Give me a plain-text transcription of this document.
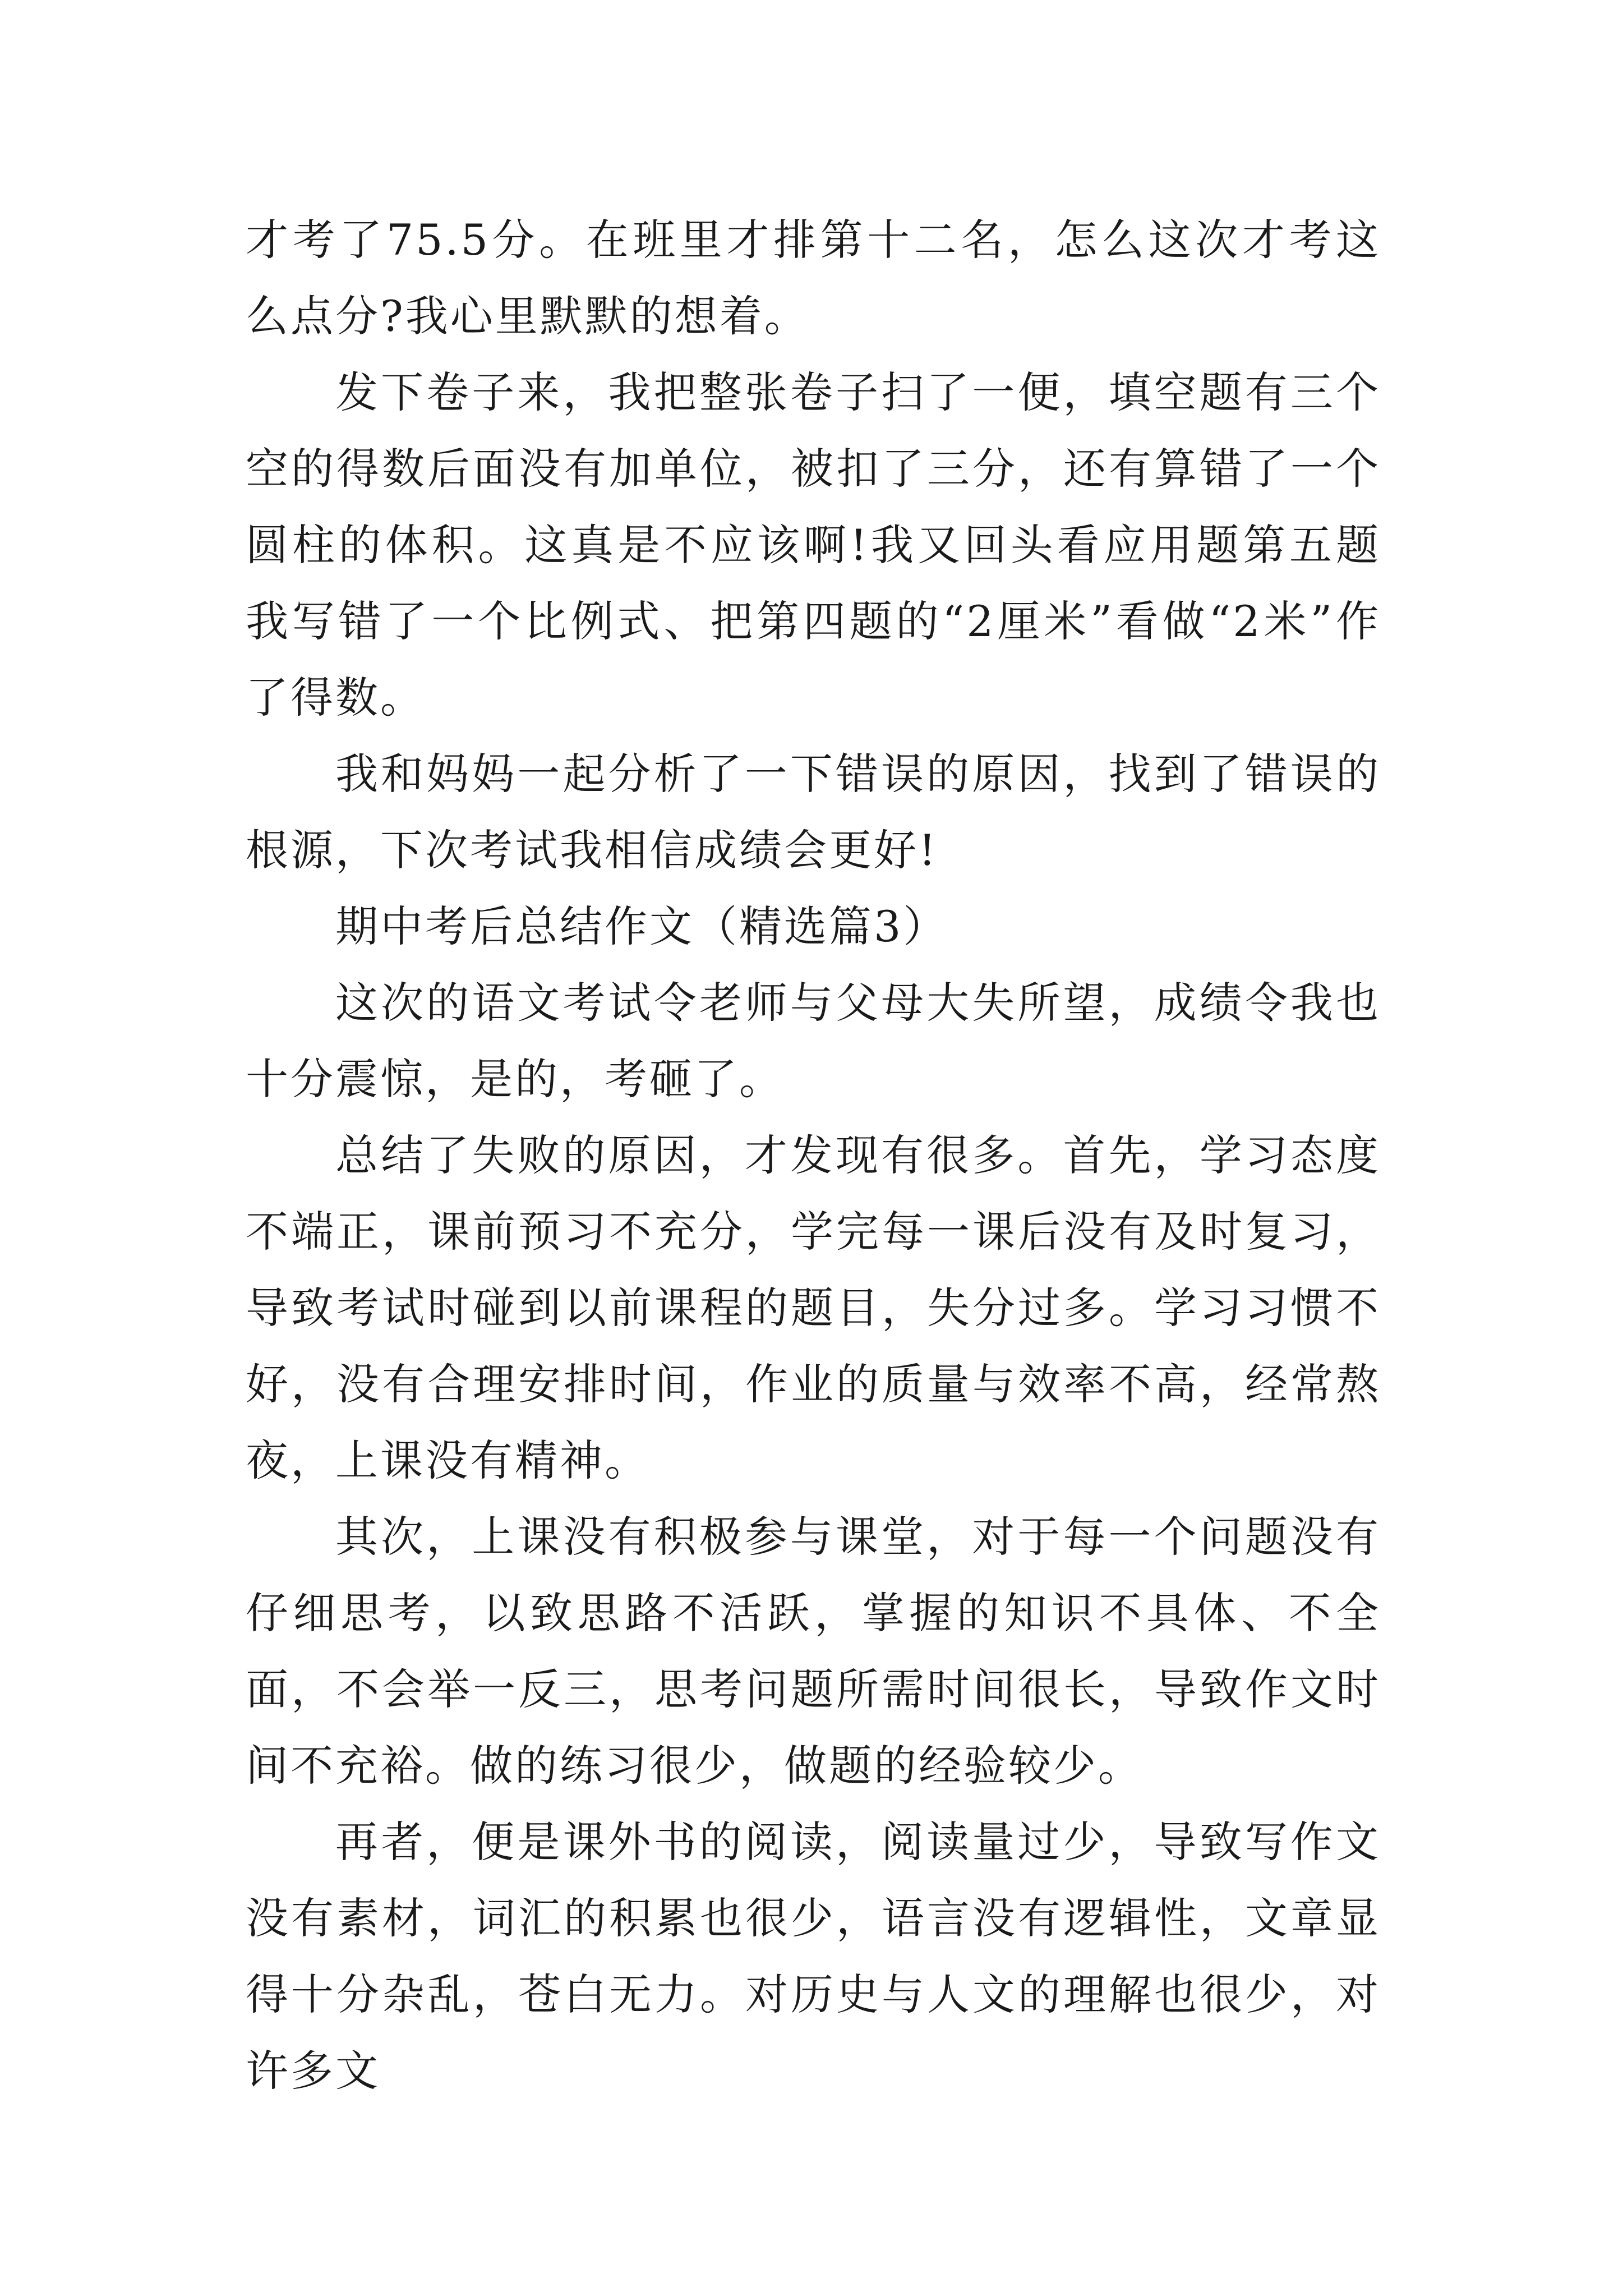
才考了75.5分。在班里才排第十二名，怎么这次才考这么点分?我心里默默的想着。

发下卷子来，我把整张卷子扫了一便，填空题有三个空的得数后面没有加单位，被扣了三分，还有算错了一个圆柱的体积。这真是不应该啊!我又回头看应用题第五题我写错了一个比例式、把第四题的“2厘米”看做“2米”作了得数。

我和妈妈一起分析了一下错误的原因，找到了错误的根源，下次考试我相信成绩会更好!

期中考后总结作文（精选篇3）

这次的语文考试令老师与父母大失所望，成绩令我也十分震惊，是的，考砸了。

总结了失败的原因，才发现有很多。首先，学习态度不端正，课前预习不充分，学完每一课后没有及时复习，导致考试时碰到以前课程的题目，失分过多。学习习惯不好，没有合理安排时间，作业的质量与效率不高，经常熬夜，上课没有精神。

其次，上课没有积极参与课堂，对于每一个问题没有仔细思考，以致思路不活跃，掌握的知识不具体、不全面，不会举一反三，思考问题所需时间很长，导致作文时间不充裕。做的练习很少，做题的经验较少。

再者，便是课外书的阅读，阅读量过少，导致写作文没有素材，词汇的积累也很少，语言没有逻辑性，文章显得十分杂乱，苍白无力。对历史与人文的理解也很少，对许多文
